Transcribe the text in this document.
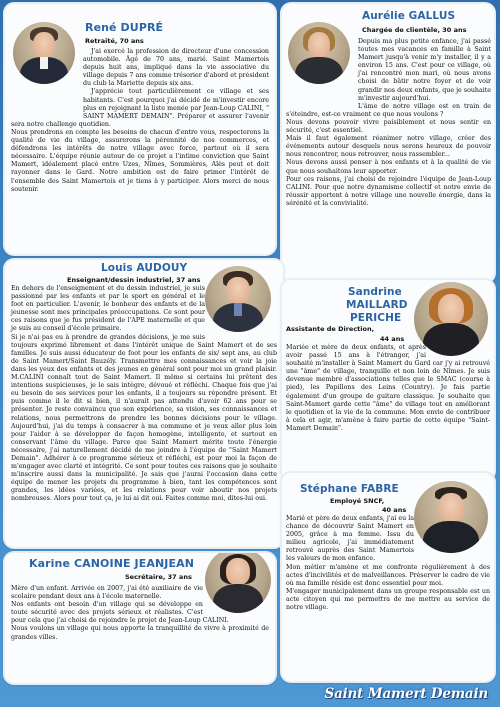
René DUPRÉ
Retraité, 70 ans

J'ai exercé la profession de directeur d'une concession automobile. Âgé de 70 ans, marié. Saint Mamertois depuis huit ans, impliqué dans la vie associative du village depuis 7 ans comme trésorier d'abord et président du club la Mariette depuis six ans.

J'apprécie tout particulièrement ce village et ses habitants. C'est pourquoi j'ai décidé de m'investir encore plus en rejoignant la liste menée par Jean-Loup CALINI, " SAINT MAMERT DEMAIN". Préparer et assurer l'avenir sera notre challenge quotidien.

Nous prendrons en compte les besoins de chacun d'entre vous, respecterons la qualité de vie du village, assurerons la pérennité de nos commerces, et défendrons les intérêts de notre village avec force, partout où il sera nécessaire. L'équipe réunie autour de ce projet a l'intime conviction que Saint Mamert, idéalement placé entre Uzes, Nîmes, Sommières, Alès peut et doit rayonner dans le Gard. Notre ambition est de faire primer l'intérêt de l'ensemble des Saint Mamertois et je tiens à y participer. Alors merci de nous soutenir.

Aurélie GALLUS
Chargée de clientèle, 30 ans

Depuis ma plus petite enfance, j'ai passé toutes mes vacances en famille à Saint Mamert jusqu'à venir m'y installer, il y a environ 15 ans. C'est pour ce village, où j'ai rencontré mon mari, où nous avons choisi de bâtir notre foyer et de voir grandir nos deux enfants, que je souhaite m'investir aujourd'hui.

L'âme de notre village est en train de s'éteindre, est-ce vraiment ce que nous voulons ?

Nous devons pouvoir vivre paisiblement et nous sentir en sécurité, c'est essentiel.

Mais il faut également réanimer notre village, créer des événements autour desquels nous serons heureux de pouvoir nous rencontrer, nous retrouver, nous rassembler...

Nous devons aussi penser à nos enfants et à la qualité de vie que nous souhaitons leur apporter.

Pour ces raisons, j'ai choisi de rejoindre l'équipe de Jean-Loup CALINI. Pour que notre dynamisme collectif et notre envie de réussir apportent à notre village une nouvelle énergie, dans la sérénité et la convivialité.

Louis AUDOUY
Enseignant/dessin industriel, 37 ans

En dehors de l'enseignement et du dessin industriel, je suis passionné par les enfants et par le sport en général et le foot en particulier. L'avenir, le bonheur des enfants et de la jeunesse sont mes principales préoccupations. Ce sont pour ces raisons que je fus président de l'APE maternelle et que je suis au conseil d'école primaire.

Si je n'ai pas eu à prendre de grandes décisions, je me suis toujours exprimé librement et dans l'intérêt unique de Saint Mamert et de ses familles. Je suis aussi éducateur de foot pour les enfants de six/ sept ans, au club de Saint Mamert/Saint Bauzély. Transmettre mes connaissances et voir la joie dans les yeux des enfants et des jeunes en général sont pour moi un grand plaisir. M.CALINI connaît tout de Saint Mamert. Il même si certains lui prêtent des intentions suspicieuses, je le sais intègre, dévoué et réfléchi. Chaque fois que j'ai eu besoin de ses services pour les enfants, il a toujours su répondre présent. Et puis comme il le dit si bien, il n'aurait pas attendu d'avoir 62 ans pour se présenter. Je reste convaincu que son expérience, sa vision, ses connaissances et relations, nous permettrons de prendre les bonnes décisions pour le village. Aujourd'hui, j'ai du temps à consacrer à ma commune et je veux aller plus loin pour l'aider à se développer de façon homogène, intelligente, et surtout en conservant l'âme du village. Parce que Saint Mamert mérite toute l'énergie nécessaire, j'ai naturellement décidé de me joindre à l'équipe de "Saint Mamert Demain". Adhérer à ce programme sérieux et réfléchi, est pour moi la façon de m'engager avec clarté et intégrité. Ce sont pour toutes ces raisons que je souhaite m'inscrire aussi dans la municipalité. Je sais que j'aurai l'occasion dans cette équipe de mener les projets du programme à bien, tant les compétences sont grandes, les idées variées, et les relations pour voir aboutir nos projets nombreuses. Alors pour tout ça, je lui ai dit oui. Faites comme moi, dites-lui oui.

Sandrine
MAILLARD
PERICHE
Assistante de Direction,
44 ans

Mariée et mère de deux enfants, et après avoir passé 15 ans à l'étranger, j'ai souhaité m'installer à Saint Mamert du Gard car j'y ai retrouvé une "âme" de village, tranquille et non loin de Nîmes. Je suis devenue membre d'associations telles que le SMAC (course à pied), les Papillons des Leins (Country). Je fais partie également d'un groupe de guitare classique. Je souhaite que Saint-Mamert garde cette "âme" de village tout en améliorant le quotidien et la vie de la commune. Mon envie de contribuer à cela et agir, m'amène à faire partie de cette équipe "Saint-Mamert Demain".

Stéphane FABRE
Employé SNCF,
40 ans

Marié et père de deux enfants, j'ai eu la chance de découvrir Saint Mamert en 2005, grâce à ma femme. Issu du milieu agricole, j'ai immédiatement retrouvé auprès des Saint Mamertois les valeurs de mon enfance.

Mon métier m'amène et me confronte régulièrement à des actes d'incivilités et de malveillances. Préserver le cadre de vie où ma famille réside est donc essentiel pour moi.

M'engager municipalement dans un groupe responsable est un acte citoyen qui me permettra de me mettre au service de notre village.

Karine CANOINE JEANJEAN
Secrétaire, 37 ans

Mère d'un enfant. Arrivée en 2007, j'ai été auxiliaire de vie scolaire pendant deux ans à l'école maternelle.

Nos enfants ont besoin d'un village qui se développe en toute sécurité avec des projets sérieux et réalistes. C'est pour cela que j'ai choisi de rejoindre le projet de Jean-Loup CALINI.

Nous voulons un village qui nous apporte la tranquillité de vivre à proximité de grandes villes.

Saint Mamert Demain
